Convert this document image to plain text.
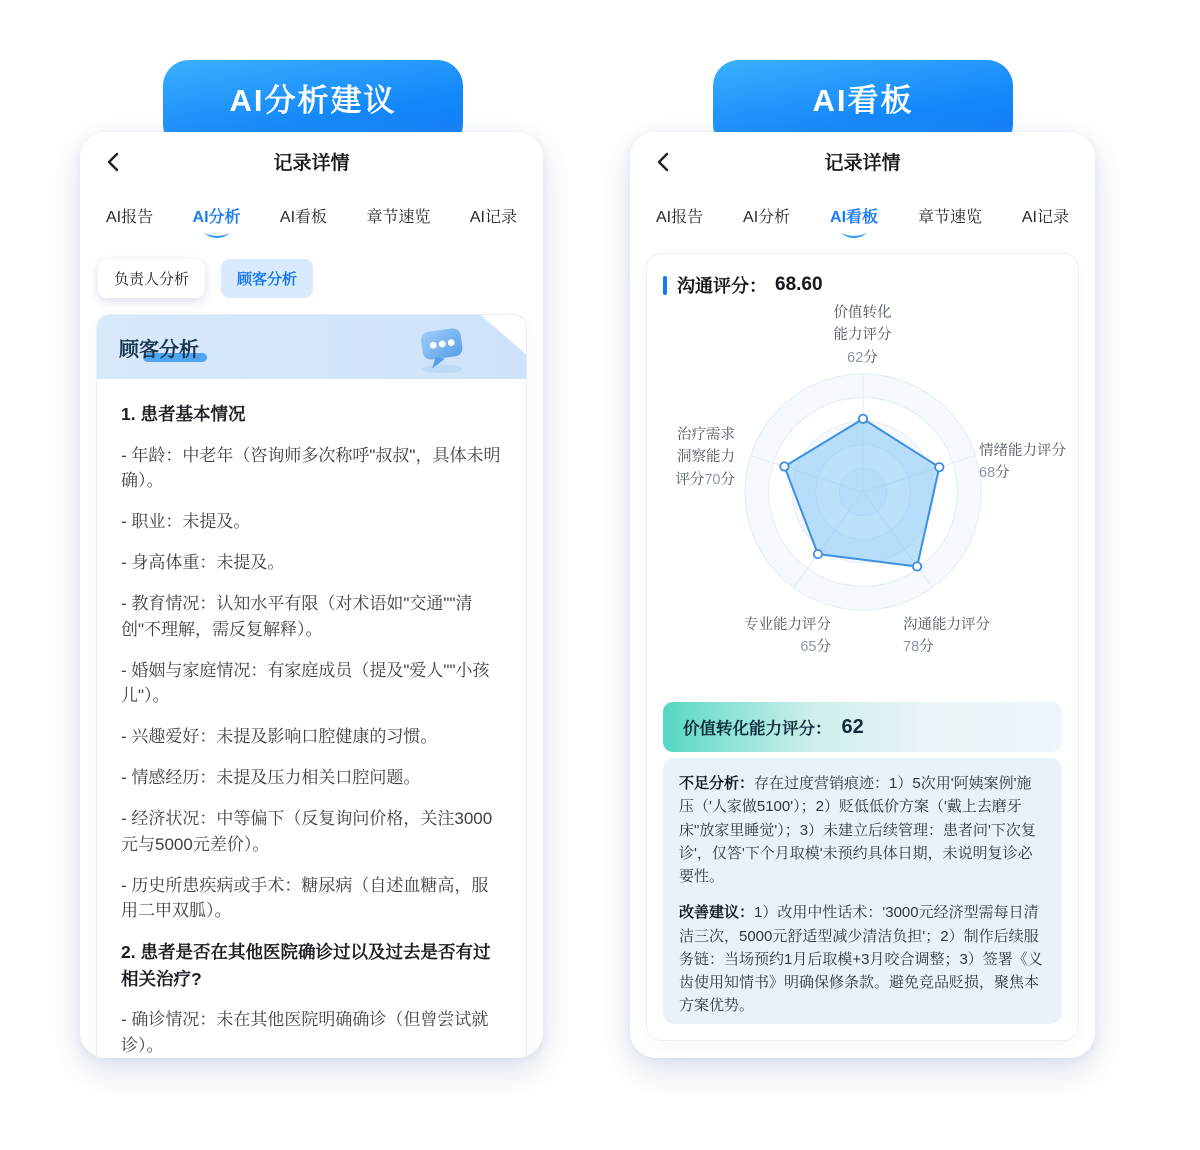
AI分析建议
记录详情
AI报告 AI分析 AI看板 章节速览 AI记录
负责人分析	顾客分析
顾客分析

1. 患者基本情况

- 年龄：中老年（咨询师多次称呼"叔叔"，具体未明确）。

- 职业：未提及。

- 身高体重：未提及。

- 教育情况：认知水平有限（对术语如"交通""清创"不理解，需反复解释）。

- 婚姻与家庭情况：有家庭成员（提及"爱人""小孩儿"）。

- 兴趣爱好：未提及影响口腔健康的习惯。

- 情感经历：未提及压力相关口腔问题。

- 经济状况：中等偏下（反复询问价格，关注3000元与5000元差价）。

- 历史所患疾病或手术：糖尿病（自述血糖高，服用二甲双胍）。

2. 患者是否在其他医院确诊过以及过去是否有过相关治疗?

- 确诊情况：未在其他医院明确确诊（但曾尝试就诊）。

AI看板
记录详情
AI报告 AI分析 AI看板 章节速览 AI记录
沟通评分： 68.60
价值转化
能力评分
62分
情绪能力评分
68分
沟通能力评分
78分
专业能力评分
65分
治疗需求
洞察能力
评分70分
价值转化能力评分： 62

不足分析：存在过度营销痕迹：1）5次用'阿姨案例'施压（'人家做5100'）；2）贬低低价方案（'戴上去磨牙床"放家里睡觉'）；3）未建立后续管理：患者问'下次复诊'，仅答'下个月取模'未预约具体日期，未说明复诊必要性。

改善建议：1）改用中性话术：'3000元经济型需每日清洁三次，5000元舒适型减少清洁负担'；2）制作后续服务链：当场预约1月后取模+3月咬合调整；3）签署《义齿使用知情书》明确保修条款。避免竞品贬损，聚焦本方案优势。
